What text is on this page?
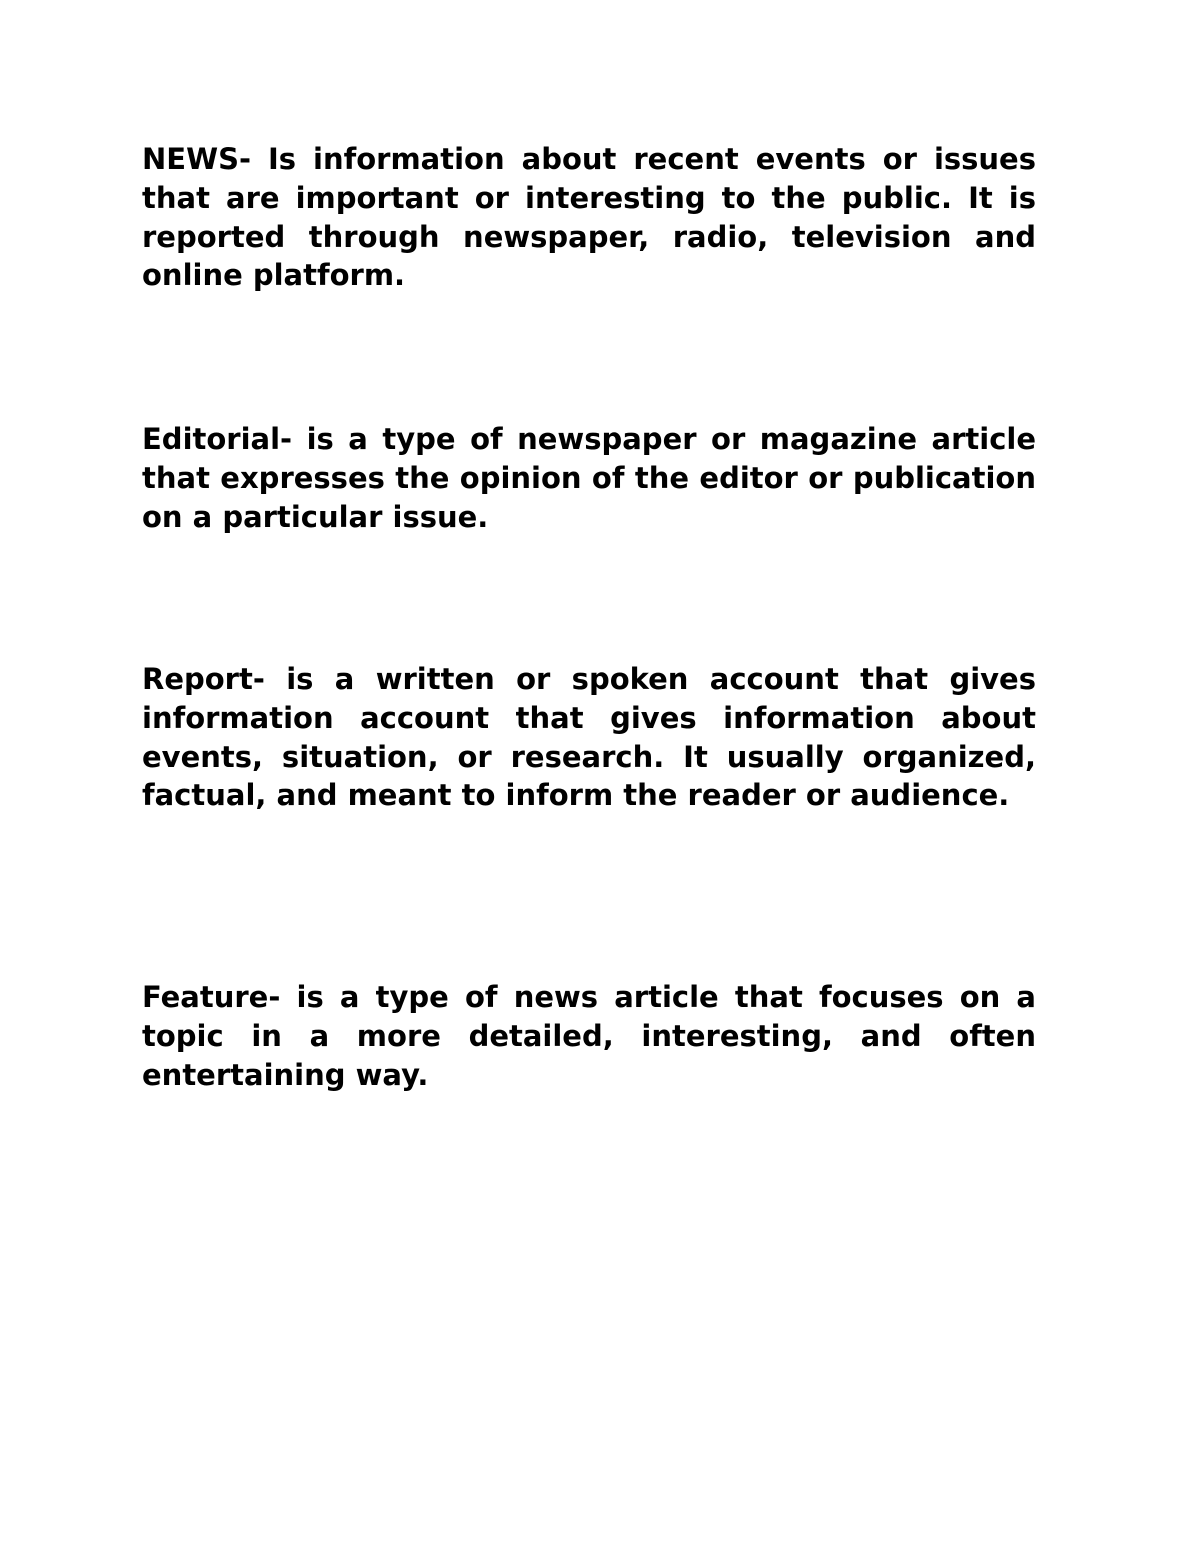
NEWS- Is information about recent events or issues that are important or interesting to the public. It is reported through newspaper, radio, television and online platform.

Editorial- is a type of newspaper or magazine article that expresses the opinion of the editor or publication on a particular issue.

Report- is a written or spoken account that gives information account that gives information about events, situation, or research. It usually organized, factual, and meant to inform the reader or audience.

Feature- is a type of news article that focuses on a topic in a more detailed, interesting, and often entertaining way.
